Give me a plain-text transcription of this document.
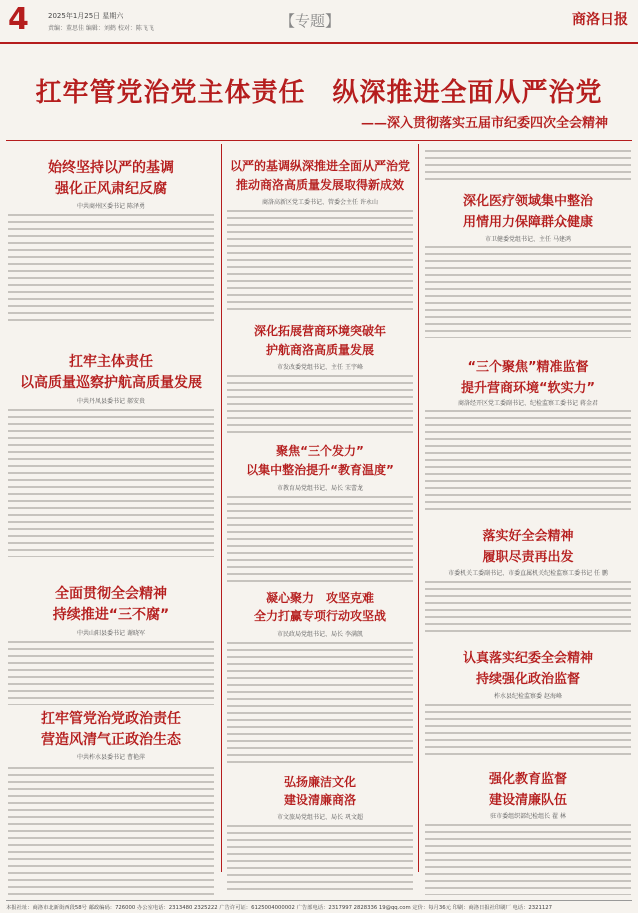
4	2025年1月25日 星期六
责编：董思佳 编辑：刘鹤 校对：陈飞飞	【专题】	商洛日报
扛牢管党治党主体责任　纵深推进全面从严治党
——深入贯彻落实五届市纪委四次全会精神
始终坚持以严的基调
强化正风肃纪反腐
中共商州区委书记 陈泽勇
扛牢主体责任
以高质量巡察护航高质量发展
中共丹凤县委书记 郝安贵
全面贯彻全会精神
持续推进“三不腐”
中共山阳县委书记 谢晓军
扛牢管党治党政治责任
营造风清气正政治生态
中共柞水县委书记 曹艳萍
以严的基调纵深推进全面从严治党
推动商洛高质量发展取得新成效
商洛高新区党工委书记、管委会主任 许永山
深化拓展营商环境突破年
护航商洛高质量发展
市发改委党组书记、主任 王宇峰
聚焦“三个发力”
以集中整治提升“教育温度”
市教育局党组书记、局长 宋蕾龙
凝心聚力　攻坚克难
全力打赢专项行动攻坚战
市民政局党组书记、局长 李满凯
弘扬廉洁文化
建设清廉商洛
市文旅局党组书记、局长 巩文超
深化医疗领域集中整治
用情用力保障群众健康
市卫健委党组书记、主任 马建鸿
“三个聚焦”精准监督
提升营商环境“软实力”
商洛经开区党工委副书记、纪检监察工委书记 蒋金君
落实好全会精神
履职尽责再出发
市委机关工委副书记、市委直属机关纪检监察工委书记 任 鹏
认真落实纪委全会精神
持续强化政治监督
柞水县纪检监察委 赵海峰
强化教育监督
建设清廉队伍
驻市委组织部纪检组长 翟 林
本报社址：商洛市北新街西段58号 邮政编码：726000 办公室电话：2313480 2325222 广告许可证：6125004000002 广告部电话：2317997 2828336 19@qq.com 定价：每月36元 印刷：商洛日报社印刷厂 电话：2321127
